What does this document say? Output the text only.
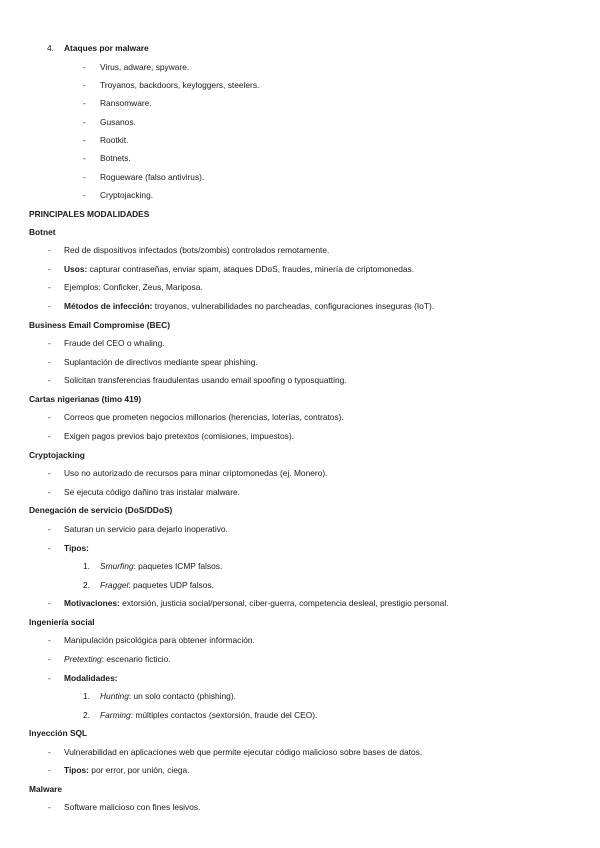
4. Ataques por malware
- Virus, adware, spyware.
- Troyanos, backdoors, keyloggers, steelers.
- Ransomware.
- Gusanos.
- Rootkit.
- Botnets.
- Rogueware (falso antivirus).
- Cryptojacking.
PRINCIPALES MODALIDADES
Botnet
- Red de dispositivos infectados (bots/zombis) controlados remotamente.
- Usos: capturar contraseñas, enviar spam, ataques DDoS, fraudes, minería de criptomonedas.
- Ejemplos: Conficker, Zeus, Mariposa.
- Métodos de infección: troyanos, vulnerabilidades no parcheadas, configuraciones inseguras (IoT).
Business Email Compromise (BEC)
- Fraude del CEO o whaling.
- Suplantación de directivos mediante spear phishing.
- Solicitan transferencias fraudulentas usando email spoofing o typosquatting.
Cartas nigerianas (timo 419)
- Correos que prometen negocios millonarios (herencias, loterías, contratos).
- Exigen pagos previos bajo pretextos (comisiones, impuestos).
Cryptojacking
- Uso no autorizado de recursos para minar criptomonedas (ej. Monero).
- Se ejecuta código dañino tras instalar malware.
Denegación de servicio (DoS/DDoS)
- Saturan un servicio para dejarlo inoperativo.
- Tipos:
1. Smurfing: paquetes ICMP falsos.
2. Fraggel: paquetes UDP falsos.
- Motivaciones: extorsión, justicia social/personal, ciber-guerra, competencia desleal, prestigio personal.
Ingeniería social
- Manipulación psicológica para obtener información.
- Pretexting: escenario ficticio.
- Modalidades:
1. Hunting: un solo contacto (phishing).
2. Farming: múltiples contactos (sextorsión, fraude del CEO).
Inyección SQL
- Vulnerabilidad en aplicaciones web que permite ejecutar código malicioso sobre bases de datos.
- Tipos: por error, por unión, ciega.
Malware
- Software malicioso con fines lesivos.
